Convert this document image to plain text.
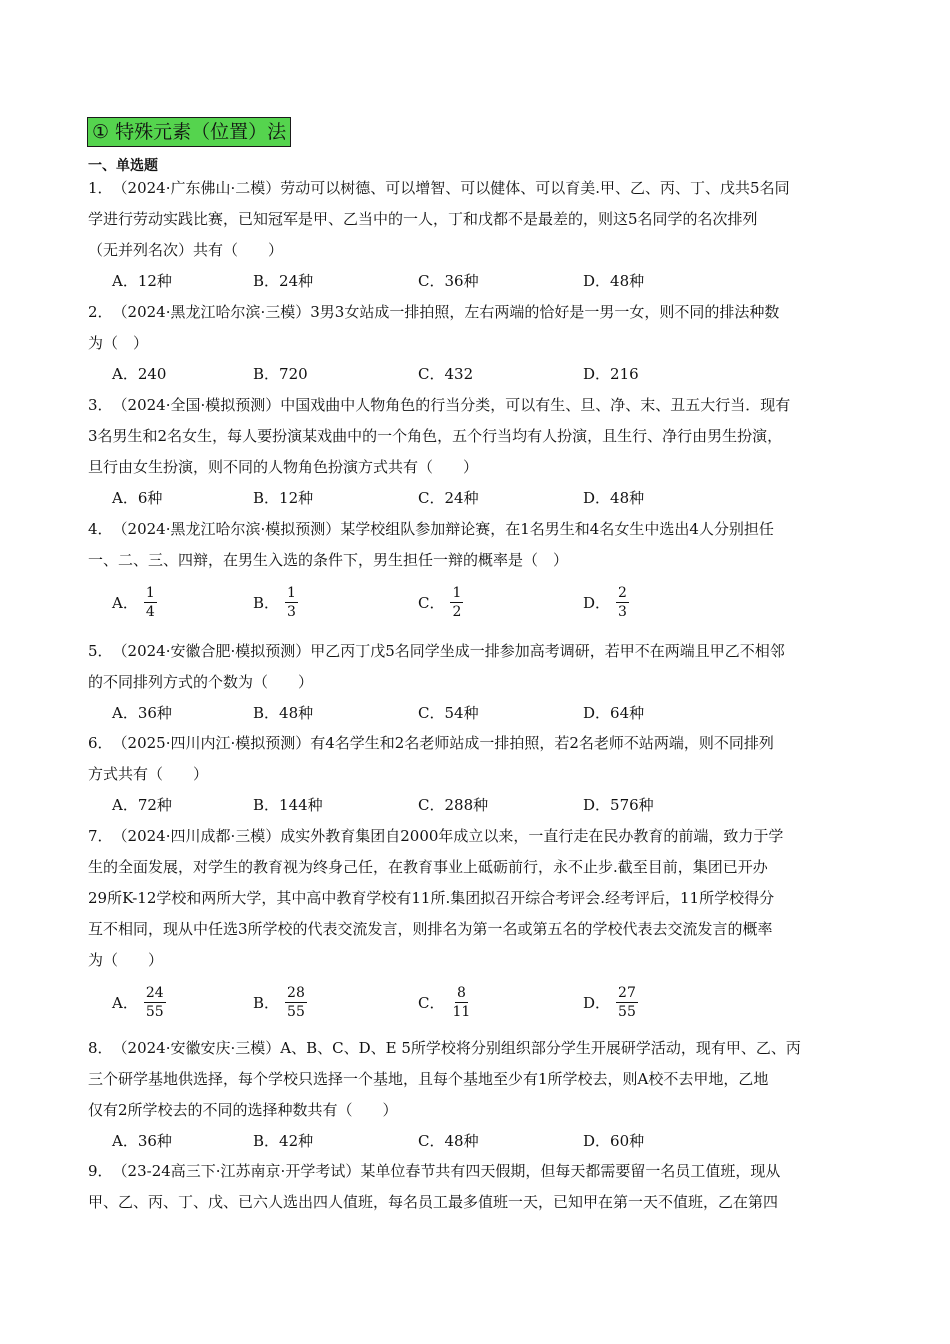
① 特殊元素（位置）法
一、单选题
1．（2024·广东佛山·二模）劳动可以树德、可以增智、可以健体、可以育美.甲、乙、丙、丁、戊共5名同
学进行劳动实践比赛，已知冠军是甲、乙当中的一人，丁和戊都不是最差的，则这5名同学的名次排列
（无并列名次）共有（　　）
A．12种	B．24种	C．36种	D．48种
2．（2024·黑龙江哈尔滨·三模）3男3女站成一排拍照，左右两端的恰好是一男一女，则不同的排法种数
为（　）
A．240	B．720	C．432	D．216
3．（2024·全国·模拟预测）中国戏曲中人物角色的行当分类，可以有生、旦、净、末、丑五大行当．现有
3名男生和2名女生，每人要扮演某戏曲中的一个角色，五个行当均有人扮演，且生行、净行由男生扮演，
旦行由女生扮演，则不同的人物角色扮演方式共有（　　）
A．6种	B．12种	C．24种	D．48种
4．（2024·黑龙江哈尔滨·模拟预测）某学校组队参加辩论赛，在1名男生和4名女生中选出4人分别担任
一、二、三、四辩，在男生入选的条件下，男生担任一辩的概率是（　）
A． $\frac{1}{4}$	B． $\frac{1}{3}$	C． $\frac{1}{2}$	D． $\frac{2}{3}$
5．（2024·安徽合肥·模拟预测）甲乙丙丁戊5名同学坐成一排参加高考调研，若甲不在两端且甲乙不相邻
的不同排列方式的个数为（　　）
A．36种	B．48种	C．54种	D．64种
6．（2025·四川内江·模拟预测）有4名学生和2名老师站成一排拍照，若2名老师不站两端，则不同排列
方式共有（　　）
A．72种	B．144种	C．288种	D．576种
7．（2024·四川成都·三模）成实外教育集团自2000年成立以来，一直行走在民办教育的前端，致力于学
生的全面发展，对学生的教育视为终身己任，在教育事业上砥砺前行，永不止步.截至目前，集团已开办
29所K-12学校和两所大学，其中高中教育学校有11所.集团拟召开综合考评会.经考评后，11所学校得分
互不相同，现从中任选3所学校的代表交流发言，则排名为第一名或第五名的学校代表去交流发言的概率
为（　　）
A． $\frac{24}{55}$	B． $\frac{28}{55}$	C． $\frac{8}{11}$	D． $\frac{27}{55}$
8．（2024·安徽安庆·三模）A、B、C、D、E 5所学校将分别组织部分学生开展研学活动，现有甲、乙、丙
三个研学基地供选择，每个学校只选择一个基地，且每个基地至少有1所学校去，则A校不去甲地，乙地
仅有2所学校去的不同的选择种数共有（　　）
A．36种	B．42种	C．48种	D．60种
9．（23-24高三下·江苏南京·开学考试）某单位春节共有四天假期，但每天都需要留一名员工值班，现从
甲、乙、丙、丁、戊、已六人选出四人值班，每名员工最多值班一天，已知甲在第一天不值班，乙在第四
